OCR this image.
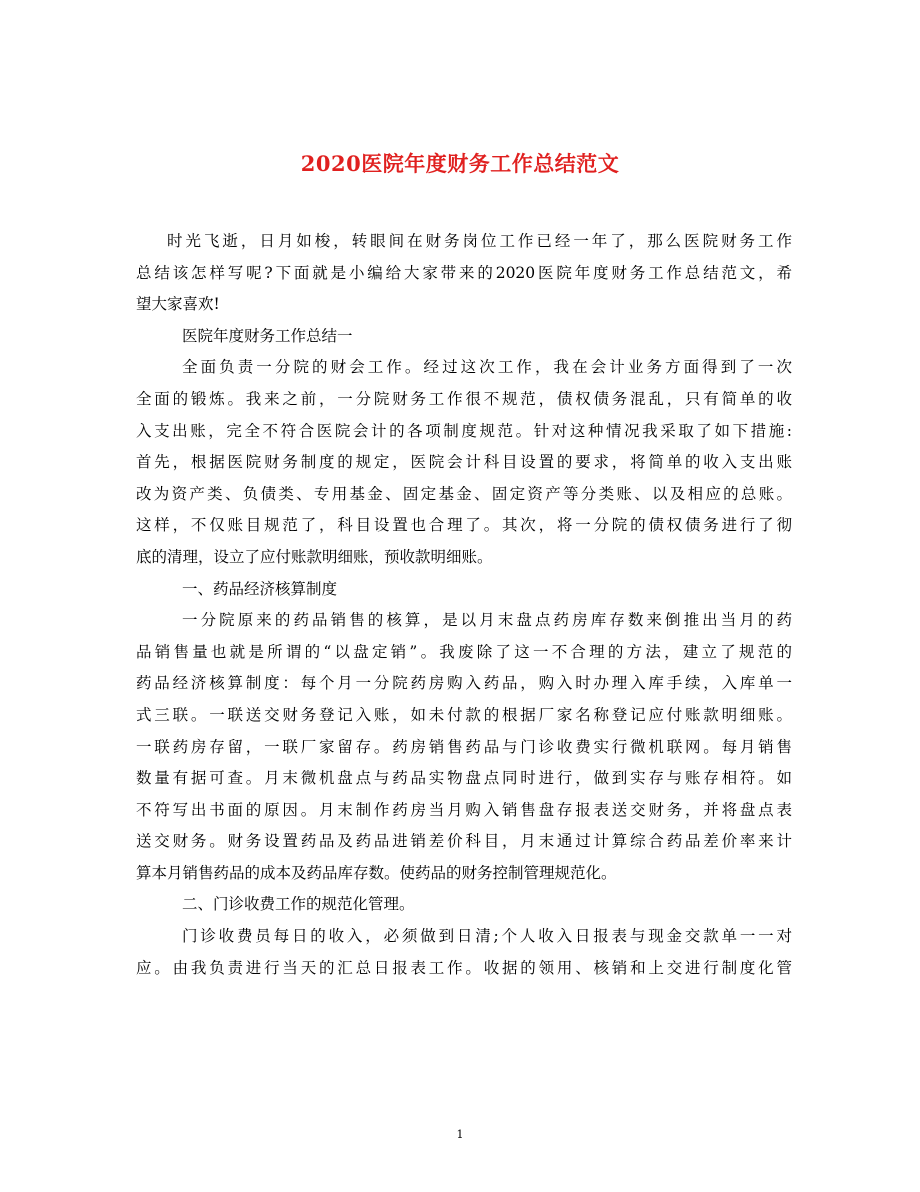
2020医院年度财务工作总结范文
时光飞逝，日月如梭，转眼间在财务岗位工作已经一年了，那么医院财务工作
总结该怎样写呢?下面就是小编给大家带来的2020医院年度财务工作总结范文，希
望大家喜欢!
医院年度财务工作总结一
全面负责一分院的财会工作。经过这次工作，我在会计业务方面得到了一次
全面的锻炼。我来之前，一分院财务工作很不规范，债权债务混乱，只有简单的收
入支出账，完全不符合医院会计的各项制度规范。针对这种情况我采取了如下措施:
首先，根据医院财务制度的规定，医院会计科目设置的要求，将简单的收入支出账
改为资产类、负债类、专用基金、固定基金、固定资产等分类账、以及相应的总账。
这样，不仅账目规范了，科目设置也合理了。其次，将一分院的债权债务进行了彻
底的清理，设立了应付账款明细账，预收款明细账。
一、药品经济核算制度
一分院原来的药品销售的核算，是以月末盘点药房库存数来倒推出当月的药
品销售量也就是所谓的“以盘定销”。我废除了这一不合理的方法，建立了规范的
药品经济核算制度：每个月一分院药房购入药品，购入时办理入库手续，入库单一
式三联。一联送交财务登记入账，如未付款的根据厂家名称登记应付账款明细账。
一联药房存留，一联厂家留存。药房销售药品与门诊收费实行微机联网。每月销售
数量有据可查。月末微机盘点与药品实物盘点同时进行，做到实存与账存相符。如
不符写出书面的原因。月末制作药房当月购入销售盘存报表送交财务，并将盘点表
送交财务。财务设置药品及药品进销差价科目，月末通过计算综合药品差价率来计
算本月销售药品的成本及药品库存数。使药品的财务控制管理规范化。
二、门诊收费工作的规范化管理。
门诊收费员每日的收入，必须做到日清;个人收入日报表与现金交款单一一对
应。由我负责进行当天的汇总日报表工作。收据的领用、核销和上交进行制度化管
1
